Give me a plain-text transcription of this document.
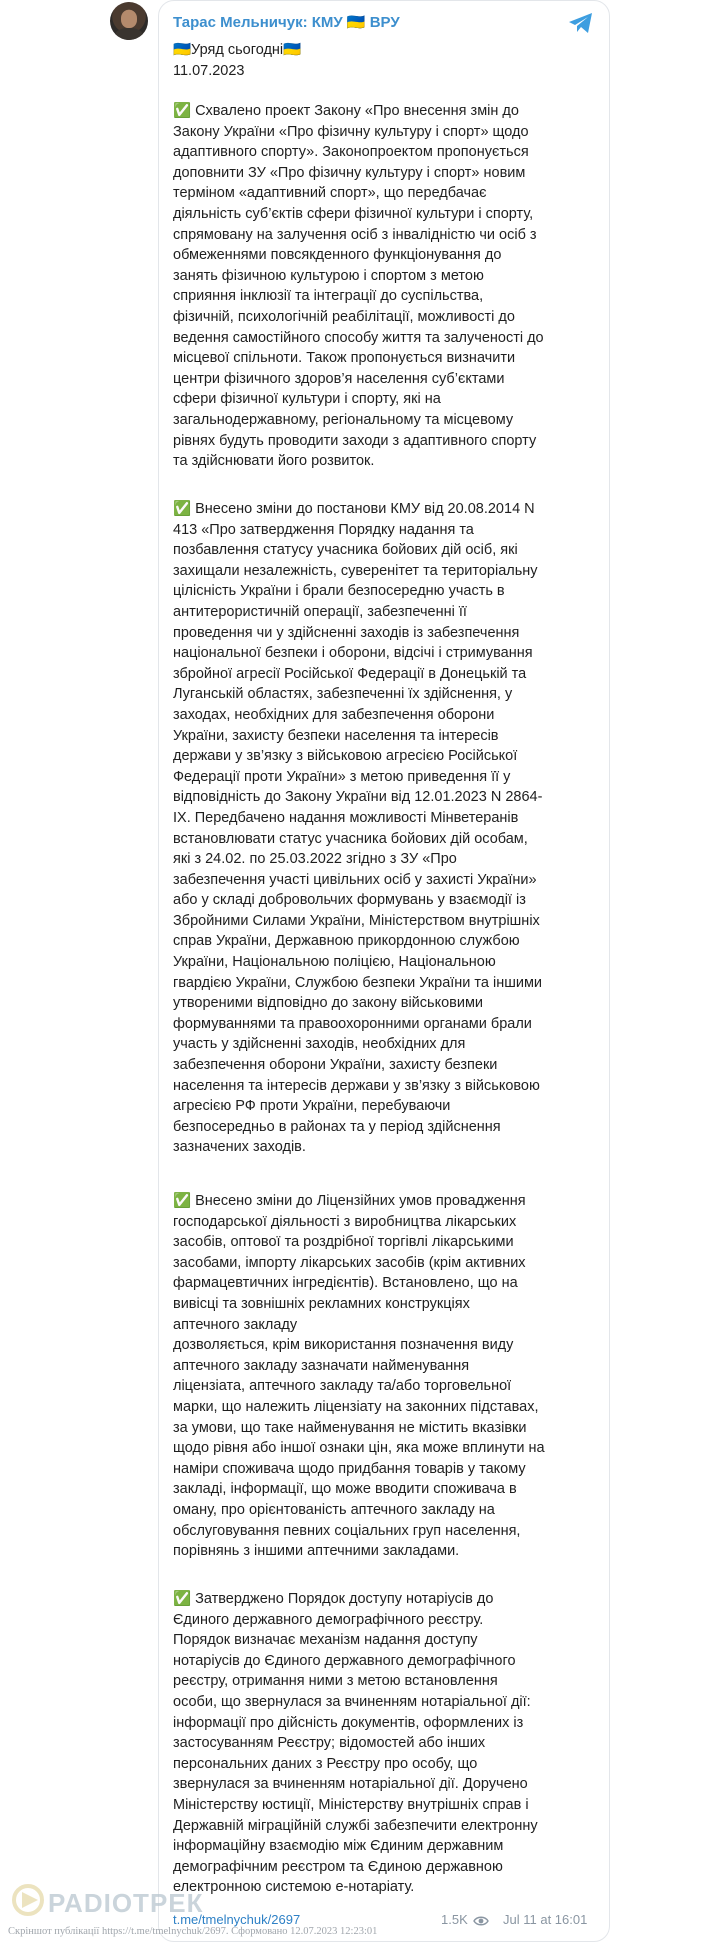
Тарас Мельничук: КМУ 🇺🇦 ВРУ
🇺🇦Уряд сьогодні🇺🇦
11.07.2023
✅ Схвалено проект Закону «Про внесення змін до
Закону України «Про фізичну культуру і спорт» щодо
адаптивного спорту». Законопроектом пропонується
доповнити ЗУ «Про фізичну культуру і спорт» новим
терміном «адаптивний спорт», що передбачає
діяльність суб’єктів сфери фізичної культури і спорту,
спрямовану на залучення осіб з інвалідністю чи осіб з
обмеженнями повсякденного функціонування до
занять фізичною культурою і спортом з метою
сприяння інклюзії та інтеграції до суспільства,
фізичній, психологічній реабілітації, можливості до
ведення самостійного способу життя та залученості до
місцевої спільноти. Також пропонується визначити
центри фізичного здоров’я населення суб’єктами
сфери фізичної культури і спорту, які на
загальнодержавному, регіональному та місцевому
рівнях будуть проводити заходи з адаптивного спорту
та здійснювати його розвиток.
✅ Внесено зміни до постанови КМУ від 20.08.2014 N
413 «Про затвердження Порядку надання та
позбавлення статусу учасника бойових дій осіб, які
захищали незалежність, суверенітет та територіальну
цілісність України і брали безпосередню участь в
антитерористичній операції, забезпеченні її
проведення чи у здійсненні заходів із забезпечення
національної безпеки і оборони, відсічі і стримування
збройної агресії Російської Федерації в Донецькій та
Луганській областях, забезпеченні їх здійснення, у
заходах, необхідних для забезпечення оборони
України, захисту безпеки населення та інтересів
держави у зв’язку з військовою агресією Російської
Федерації проти України» з метою приведення її у
відповідність до Закону України від 12.01.2023 N 2864-
IX. Передбачено надання можливості Мінветеранів
встановлювати статус учасника бойових дій особам,
які з 24.02. по 25.03.2022 згідно з ЗУ «Про
забезпечення участі цивільних осіб у захисті України»
або у складі добровольчих формувань у взаємодії із
Збройними Силами України, Міністерством внутрішніх
справ України, Державною прикордонною службою
України, Національною поліцією, Національною
гвардією України, Службою безпеки України та іншими
утвореними відповідно до закону військовими
формуваннями та правоохоронними органами брали
участь у здійсненні заходів, необхідних для
забезпечення оборони України, захисту безпеки
населення та інтересів держави у зв’язку з військовою
агресією РФ проти України, перебуваючи
безпосередньо в районах та у період здійснення
зазначених заходів.
✅ Внесено зміни до Ліцензійних умов провадження
господарської діяльності з виробництва лікарських
засобів, оптової та роздрібної торгівлі лікарськими
засобами, імпорту лікарських засобів (крім активних
фармацевтичних інгредієнтів). Встановлено, що на
вивісці та зовнішніх рекламних конструкціях
аптечного закладу
дозволяється, крім використання позначення виду
аптечного закладу зазначати найменування
ліцензіата, аптечного закладу та/або торговельної
марки, що належить ліцензіату на законних підставах,
за умови, що таке найменування не містить вказівки
щодо рівня або іншої ознаки цін, яка може вплинути на
наміри споживача щодо придбання товарів у такому
закладі, інформації, що може вводити споживача в
оману, про орієнтованість аптечного закладу на
обслуговування певних соціальних груп населення,
порівнянь з іншими аптечними закладами.
✅ Затверджено Порядок доступу нотаріусів до
Єдиного державного демографічного реєстру.
Порядок визначає механізм надання доступу
нотаріусів до Єдиного державного демографічного
реєстру, отримання ними з метою встановлення
особи, що звернулася за вчиненням нотаріальної дії:
інформації про дійсність документів, оформлених із
застосуванням Реєстру; відомостей або інших
персональних даних з Реєстру про особу, що
звернулася за вчиненням нотаріальної дії. Доручено
Міністерству юстиції, Міністерству внутрішніх справ і
Державній міграційній службі забезпечити електронну
інформаційну взаємодію між Єдиним державним
демографічним реєстром та Єдиною державною
електронною системою е-нотаріату.
t.me/tmelnychuk/2697	1.5K	Jul 11 at 16:01
РАDIOТРЕК
Скріншот публікації https://t.me/tmelnychuk/2697. Сформовано 12.07.2023 12:23:01
